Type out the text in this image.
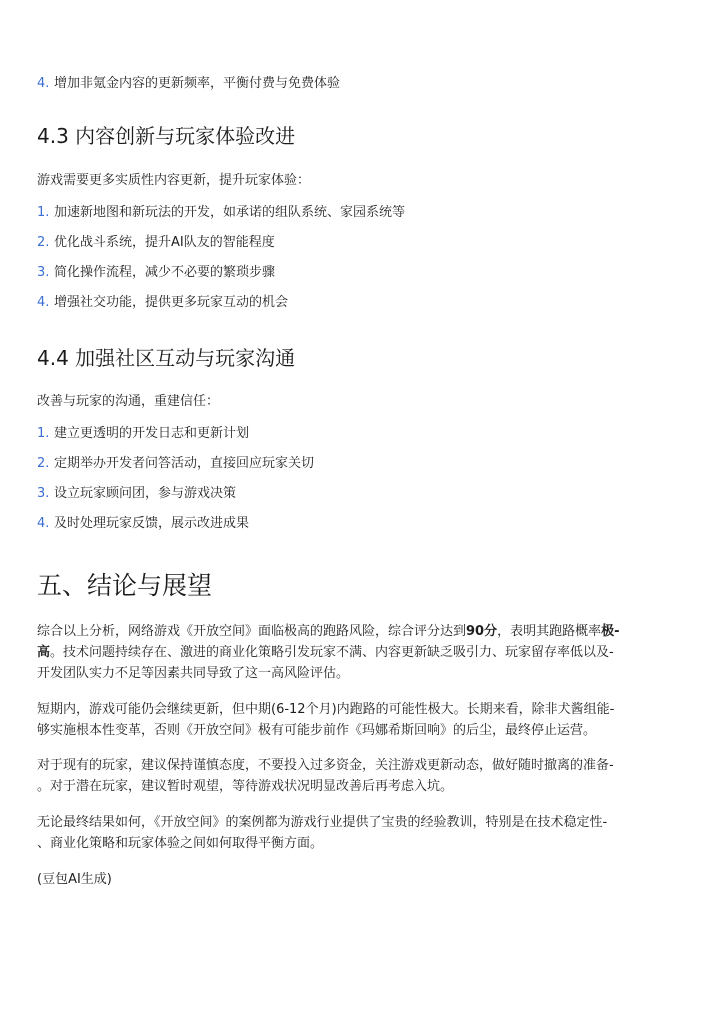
4. 增加非氪金内容的更新频率，平衡付费与免费体验
4.3 内容创新与玩家体验改进

游戏需要更多实质性内容更新，提升玩家体验：

1. 加速新地图和新玩法的开发，如承诺的组队系统、家园系统等
2. 优化战斗系统，提升AI队友的智能程度
3. 简化操作流程，减少不必要的繁琐步骤
4. 增强社交功能，提供更多玩家互动的机会
4.4 加强社区互动与玩家沟通

改善与玩家的沟通，重建信任：

1. 建立更透明的开发日志和更新计划
2. 定期举办开发者问答活动，直接回应玩家关切
3. 设立玩家顾问团，参与游戏决策
4. 及时处理玩家反馈，展示改进成果
五、结论与展望

综合以上分析，网络游戏《开放空间》面临极高的跑路风险，综合评分达到90分，表明其跑路概率极-
高。技术问题持续存在、激进的商业化策略引发玩家不满、内容更新缺乏吸引力、玩家留存率低以及-
开发团队实力不足等因素共同导致了这一高风险评估。

短期内，游戏可能仍会继续更新，但中期(6-12个月)内跑路的可能性极大。长期来看，除非犬酱组能-
够实施根本性变革，否则《开放空间》极有可能步前作《玛娜希斯回响》的后尘，最终停止运营。

对于现有的玩家，建议保持谨慎态度，不要投入过多资金，关注游戏更新动态，做好随时撤离的准备-
。对于潜在玩家，建议暂时观望，等待游戏状况明显改善后再考虑入坑。

无论最终结果如何，《开放空间》的案例都为游戏行业提供了宝贵的经验教训，特别是在技术稳定性-
、商业化策略和玩家体验之间如何取得平衡方面。

(豆包AI生成)
